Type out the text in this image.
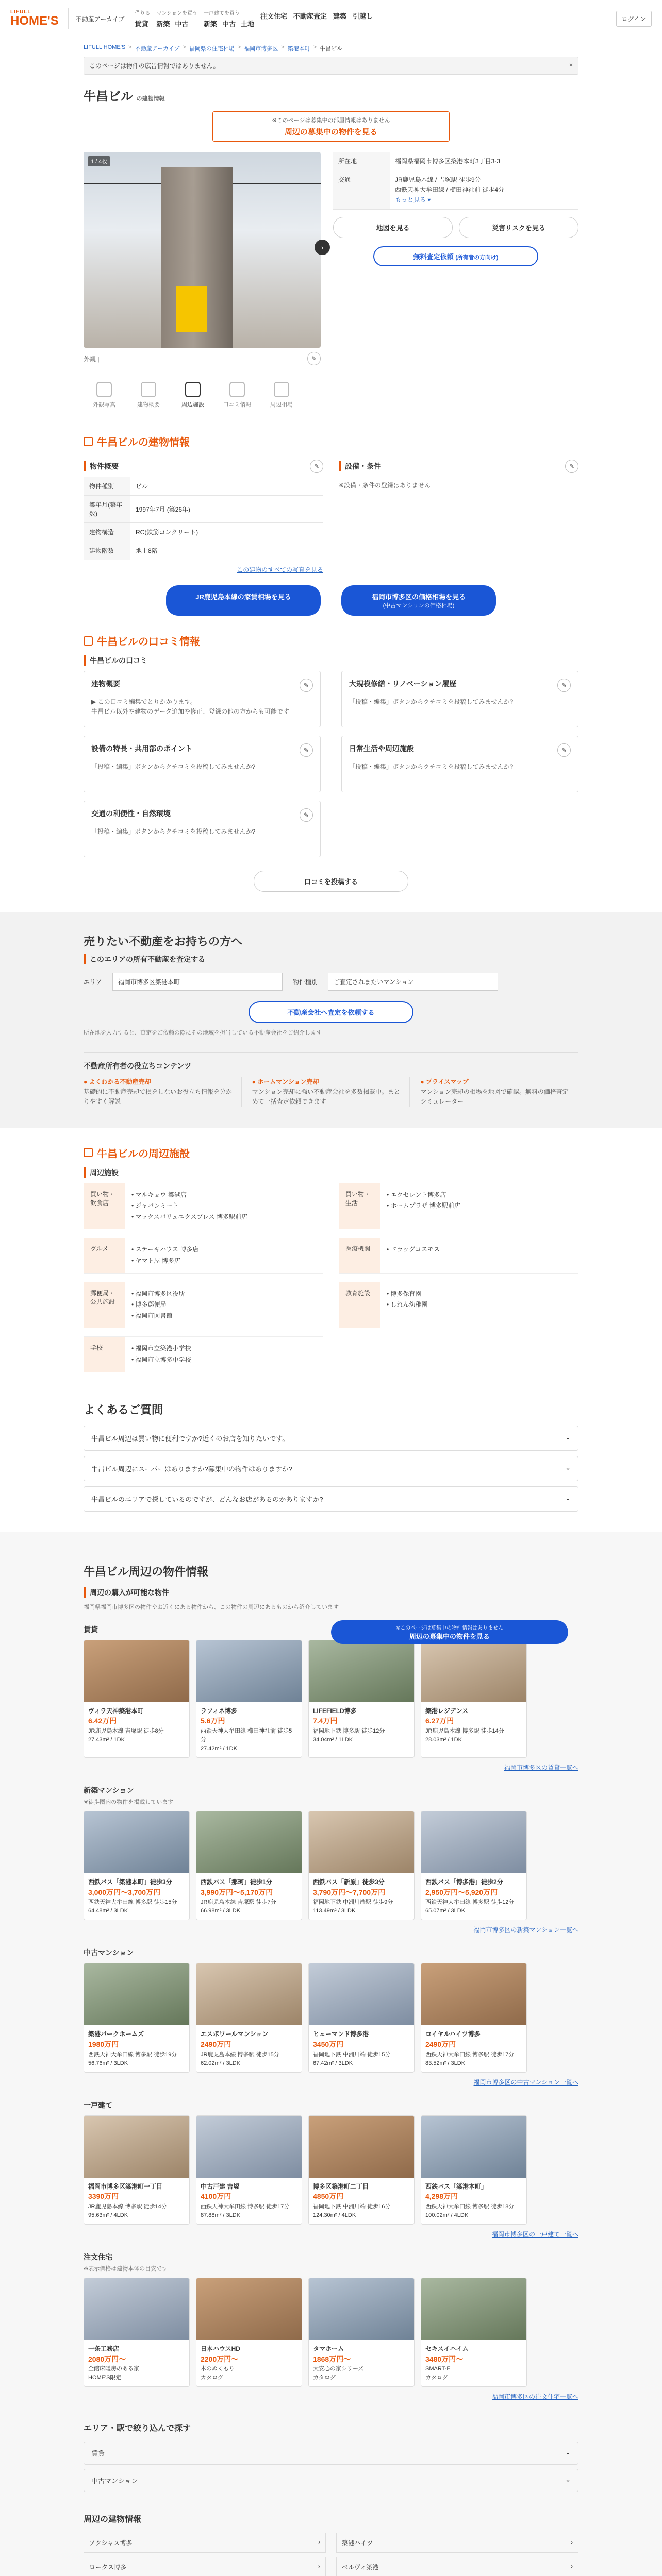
LIFULL
HOME'S	不動産アーカイブ
借りる
賃貸
マンションを買う
新築 中古
一戸建てを買う
新築 中古 土地
注文住宅 不動産査定 建築 引越し	ログイン
LIFULL HOME'S > 不動産アーカイブ > 福岡県の住宅相場 > 福岡市博多区 > 築港本町 > 牛昌ビル
このページは物件の広告情報ではありません。	×
牛昌ビル の建物情報
※このページは募集中の部屋情報はありません
周辺の募集中の物件を見る
1 / 4枚
外観 |	✎
›
所在地	福岡県福岡市博多区築港本町3丁目3-3

交通	JR鹿児島本線 / 吉塚駅 徒歩9分
西鉄天神大牟田線 / 櫛田神社前 徒歩4分
もっと見る ▾
地図を見る	災害リスクを見る
無料査定依頼 (所有者の方向け)
外観写真	建物概要	周辺施設	口コミ情報	周辺相場
牛昌ビルの建物情報
物件概要	✎
物件種別	ビル
築年月(築年数)	1997年7月 (築26年)
建物構造	RC(鉄筋コンクリート)
建物階数	地上8階
この建物のすべての写真を見る
設備・条件	✎

※設備・条件の登録はありません

JR鹿児島本線の家賃相場を見る	福岡市博多区の価格相場を見る
(中古マンションの価格相場)
牛昌ビルの口コミ情報
牛昌ビルの口コミ
建物概要	✎

▶ この口コミ編集でとりかかります。

牛昌ビル以外や建物のデータ追加や修正、登録の他の方からも可能です

大規模修繕・リノベーション履歴	✎

「投稿・編集」ボタンからクチコミを投稿してみませんか?

設備の特長・共用部のポイント	✎

「投稿・編集」ボタンからクチコミを投稿してみませんか?

日常生活や周辺施設	✎

「投稿・編集」ボタンからクチコミを投稿してみませんか?

交通の利便性・自然環境	✎

「投稿・編集」ボタンからクチコミを投稿してみませんか?

口コミを投稿する
売りたい不動産をお持ちの方へ
このエリアの所有不動産を査定する
エリア	福岡市博多区築港本町	物件種別	ご査定されまたいマンション
不動産会社へ査定を依頼する

所在地を入力すると、査定をご依頼の際にその地域を担当している不動産会社をご紹介します

不動産所有者の役立ちコンテンツ
● よくわかる不動産売却

基礎的に不動産売却で損をしないお役立ち情報を分かりやすく解説

● ホームマンション売却

マンション売却に強い不動産会社を多数掲載中。まとめて一括査定依頼できます

● プライスマップ

マンション売却の相場を地図で確認。無料の価格査定シミュレーター

牛昌ビルの周辺施設
周辺施設
買い物・飲食店
• マルキョウ 築港店
• ジャパンミート
• マックスバリュエクスプレス 博多駅前店
買い物・生活
• エクセレント博多店
• ホームプラザ 博多駅前店
グルメ	• ステーキハウス 博多店
• ヤマト屋 博多店
医療機関	• ドラッグコスモス
郵便局・公共施設
• 福岡市博多区役所
• 博多郵便局
• 福岡市図書館
教育施設	• 博多保育園
• しれん幼稚園
学校	• 福岡市立築港小学校
• 福岡市立博多中学校
よくあるご質問
牛昌ビル周辺は買い物に便利ですか?近くのお店を知りたいです。	⌄
牛昌ビル周辺にスーパーはありますか?募集中の物件はありますか?	⌄
牛昌ビルのエリアで探しているのですが、どんなお店があるのかありますか?	⌄
牛昌ビル周辺の物件情報
周辺の購入が可能な物件

福岡県福岡市博多区の物件やお近くにある物件から、この物件の周辺にあるものから紹介しています

※このページは募集中の物件情報はありません
周辺の募集中の物件を見る
賃貸
ヴィラ天神築港本町
6.42万円
JR鹿児島本線 吉塚駅 徒歩8分
27.43m² / 1DK
ラフィネ博多
5.6万円
西鉄天神大牟田線 櫛田神社前 徒歩5分
27.42m² / 1DK
LIFEFIELD博多
7.4万円
福岡地下鉄 博多駅 徒歩12分
34.04m² / 1LDK
築港レジデンス
6.27万円
JR鹿児島本線 博多駅 徒歩14分
28.03m² / 1DK
福岡市博多区の賃貸一覧へ
新築マンション
※徒歩圏内の物件を掲載しています
西鉄バス「築港本町」徒歩3分
3,000万円〜3,700万円
西鉄天神大牟田線 博多駅 徒歩15分
64.48m² / 3LDK
西鉄バス「那珂」徒歩1分
3,990万円〜5,170万円
JR鹿児島本線 吉塚駅 徒歩7分
66.98m² / 3LDK
西鉄バス「新原」徒歩3分
3,790万円〜7,700万円
福岡地下鉄 中洲川端駅 徒歩9分
113.49m² / 3LDK
西鉄バス「博多港」徒歩2分
2,950万円〜5,920万円
西鉄天神大牟田線 博多駅 徒歩12分
65.07m² / 3LDK
福岡市博多区の新築マンション一覧へ
中古マンション
築港パークホームズ
1980万円
西鉄天神大牟田線 博多駅 徒歩19分
56.76m² / 3LDK
エスポワールマンション
2490万円
JR鹿児島本線 博多駅 徒歩15分
62.02m² / 3LDK
ヒューマンド博多港
3450万円
福岡地下鉄 中洲川端 徒歩15分
67.42m² / 3LDK
ロイヤルハイツ博多
2490万円
西鉄天神大牟田線 博多駅 徒歩17分
83.52m² / 3LDK
福岡市博多区の中古マンション一覧へ
一戸建て
福岡市博多区築港町一丁目
3390万円
JR鹿児島本線 博多駅 徒歩14分
95.63m² / 4LDK
中古戸建 吉塚
4100万円
西鉄天神大牟田線 博多駅 徒歩17分
87.88m² / 3LDK
博多区築港町二丁目
4850万円
福岡地下鉄 中洲川端 徒歩16分
124.30m² / 4LDK
西鉄バス「築港本町」
4,298万円
西鉄天神大牟田線 博多駅 徒歩18分
100.02m² / 4LDK
福岡市博多区の一戸建て一覧へ
注文住宅
※表示価格は建物本体の目安です
一条工務店
2080万円〜
全館床暖房のある家
HOME'S限定
日本ハウスHD
2200万円〜
木のぬくもり
カタログ
タマホーム
1868万円〜
大安心の家シリーズ
カタログ
セキスイハイム
3480万円〜
SMART-E
カタログ
福岡市博多区の注文住宅一覧へ
エリア・駅で絞り込んで探す
賃貸	⌄
中古マンション	⌄
周辺の建物情報
アクシャス博多	›	築港ハイツ	›
ロータス博多	›	ベルヴィ築港	›
